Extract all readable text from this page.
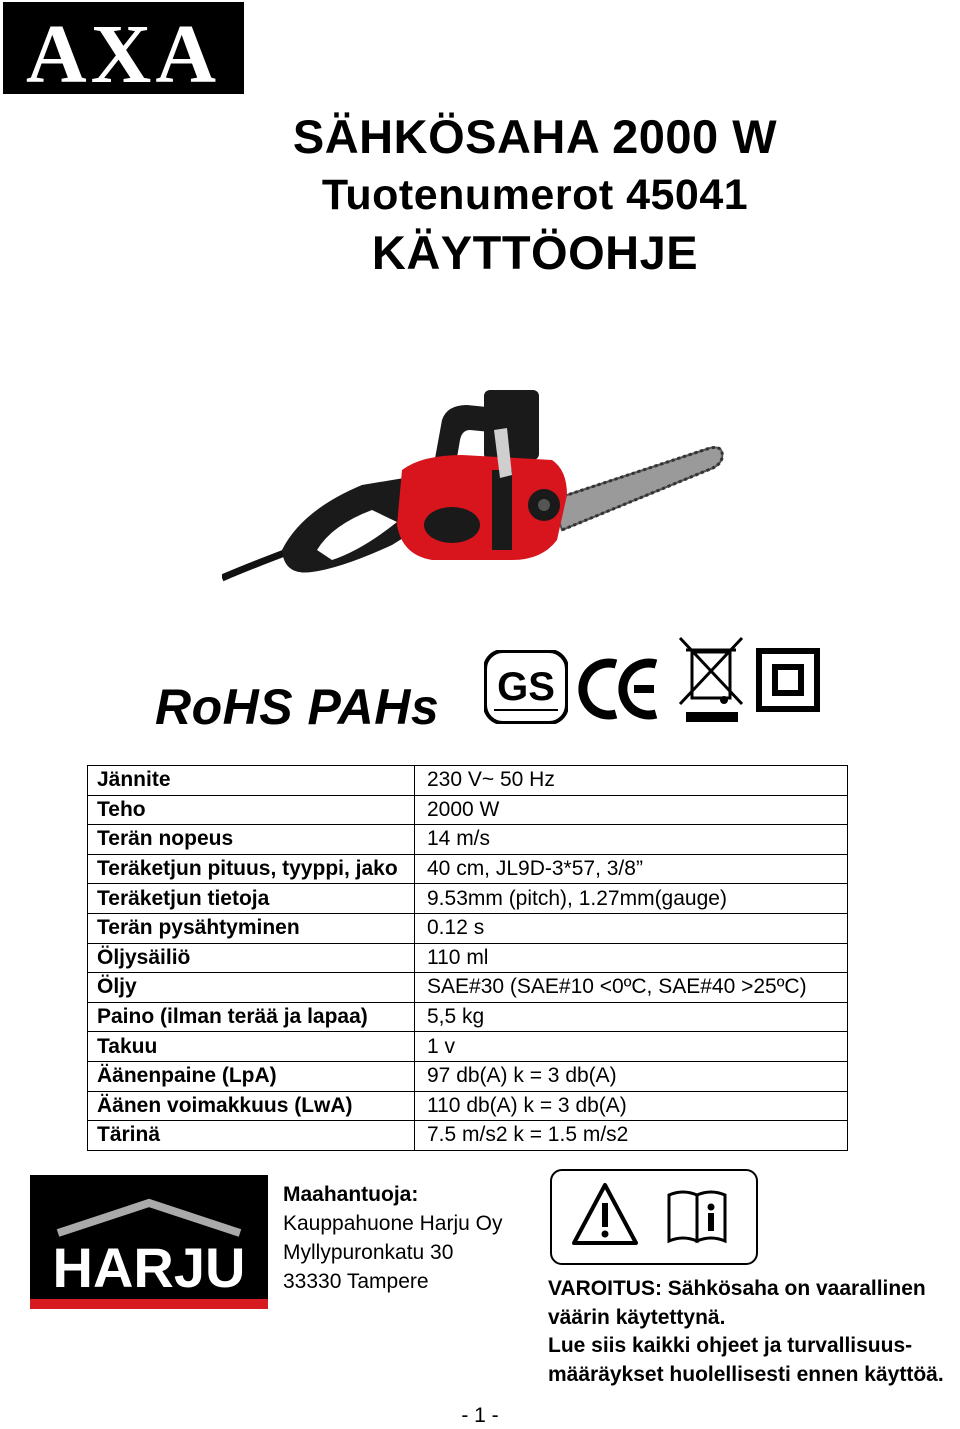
AXA
SÄHKÖSAHA 2000 W
Tuotenumerot 45041
KÄYTTÖOHJE
RoHS PAHs GS
Jännite	230 V~ 50 Hz
Teho	2000 W
Terän nopeus	14 m/s
Teräketjun pituus, tyyppi, jako	40 cm, JL9D-3*57, 3/8”
Teräketjun tietoja	9.53mm (pitch), 1.27mm(gauge)
Terän pysähtyminen	0.12 s
Öljysäiliö	110 ml
Öljy	SAE#30 (SAE#10 <0ºC, SAE#40 >25ºC)
Paino (ilman terää ja lapaa)	5,5 kg
Takuu	1 v
Äänenpaine (LpA)	97 db(A) k = 3 db(A)
Äänen voimakkuus (LwA)	110 db(A) k = 3 db(A)
Tärinä	7.5 m/s2 k = 1.5 m/s2
HARJU
Maahantuoja:
Kauppahuone Harju Oy
Myllypuronkatu 30
33330 Tampere	VAROITUS: Sähkösaha on vaarallinen
väärin käytettynä.
Lue siis kaikki ohjeet ja turvallisuus-
määräykset huolellisesti ennen käyttöä.
- 1 -
